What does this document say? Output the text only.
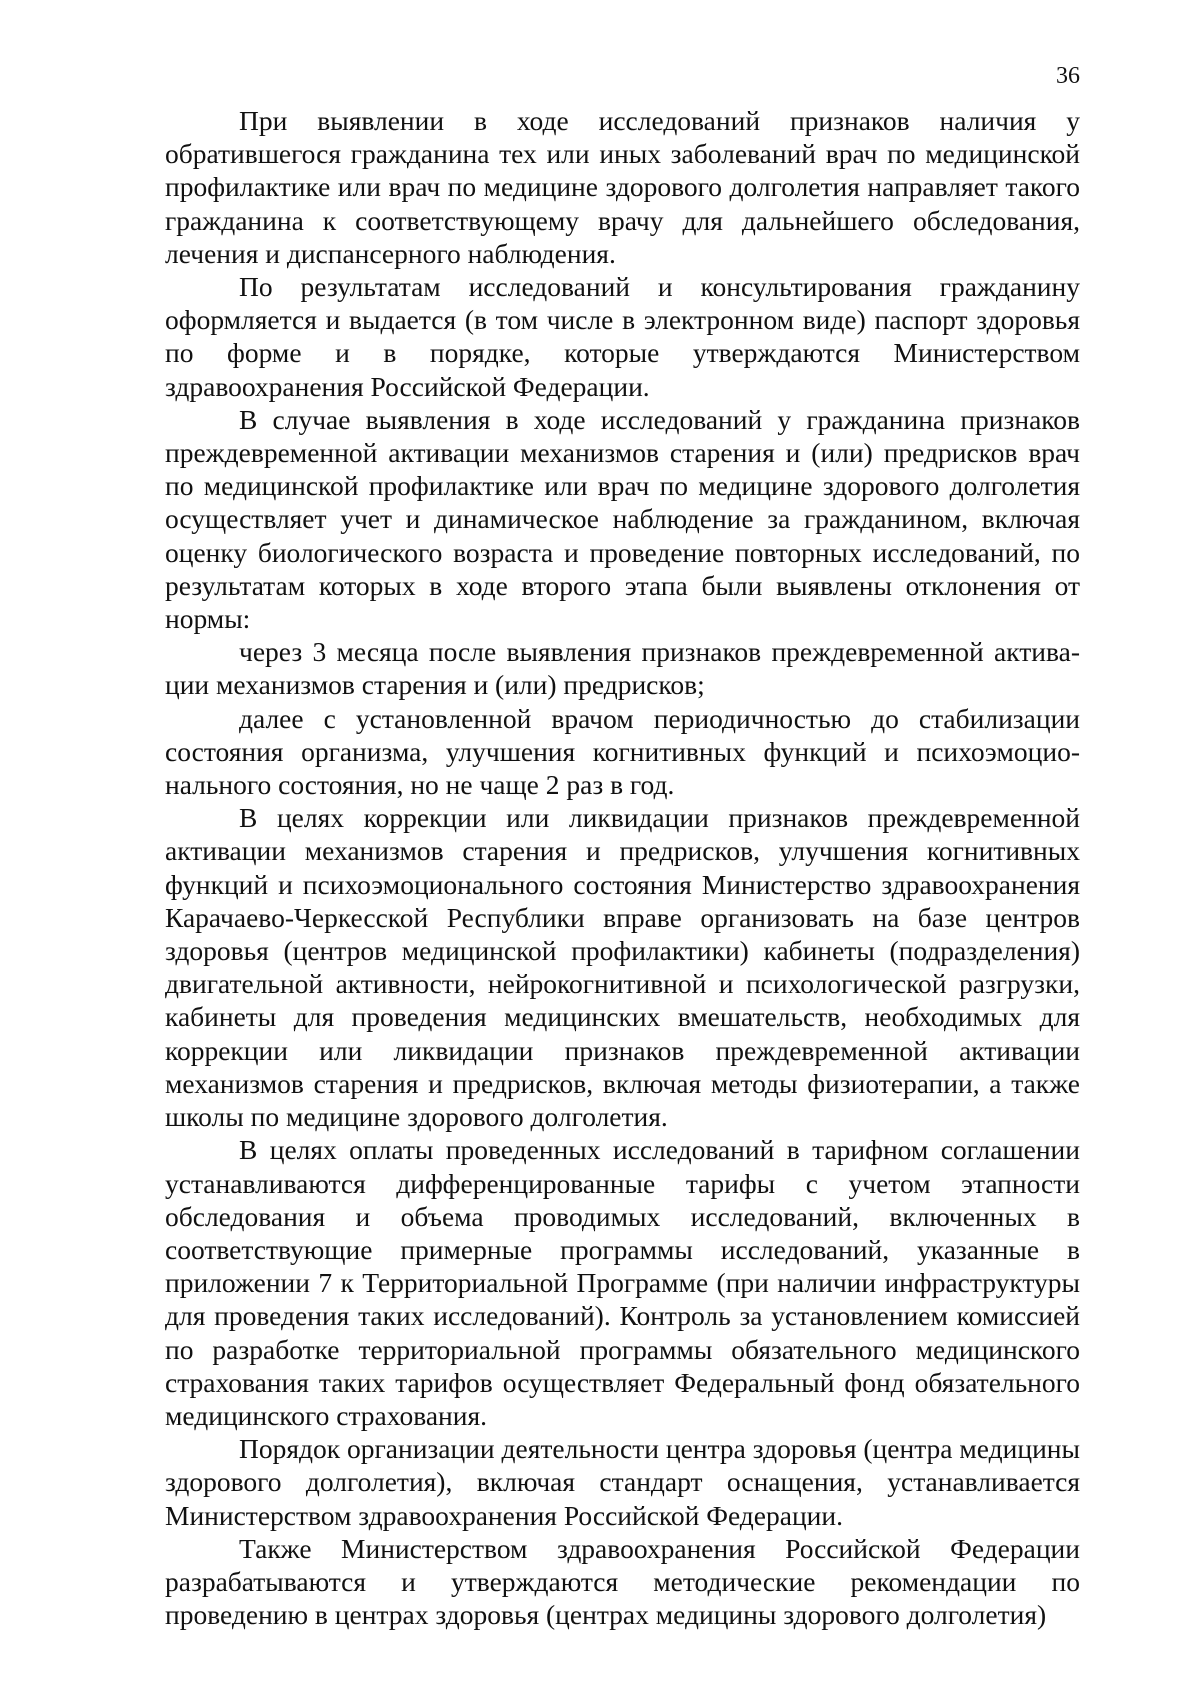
36

При выявлении в ходе исследований признаков наличия у обратившегося гражданина тех или иных заболеваний врач по медицинской профилактике или врач по медицине здорового долголетия направляет такого гражданина к соответствующему врачу для дальнейшего обследования, лечения и диспансерного наблюдения.

По результатам исследований и консультирования гражданину оформляется и выдается (в том числе в электронном виде) паспорт здоровья по форме и в порядке, которые утверждаются Министерством здравоохранения Российской Федерации.

В случае выявления в ходе исследований у гражданина признаков преждевременной активации механизмов старения и (или) предрисков врач по медицинской профилактике или врач по медицине здорового долголетия осуществляет учет и динамическое наблюдение за гражданином, включая оценку биологического возраста и проведение повторных исследований, по результатам которых в ходе второго этапа были выявлены отклонения от нормы:

через 3 месяца после выявления признаков преждевременной активации механизмов старения и (или) предрисков;

далее с установленной врачом периодичностью до стабилизации состояния организма, улучшения когнитивных функций и психоэмоционального состояния, но не чаще 2 раз в год.

В целях коррекции или ликвидации признаков преждевременной активации механизмов старения и предрисков, улучшения когнитивных функций и психоэмоционального состояния Министерство здравоохранения Карачаево-Черкесской Республики вправе организовать на базе центров здоровья (центров медицинской профилактики) кабинеты (подразделения) двигательной активности, нейрокогнитивной и психологической разгрузки, кабинеты для проведения медицинских вмешательств, необходимых для коррекции или ликвидации признаков преждевременной активации механизмов старения и предрисков, включая методы физиотерапии, а также школы по медицине здорового долголетия.

В целях оплаты проведенных исследований в тарифном соглашении устанавливаются дифференцированные тарифы с учетом этапности обследования и объема проводимых исследований, включенных в соответствующие примерные программы исследований, указанные в приложении 7 к Территориальной Программе (при наличии инфраструктуры для проведения таких исследований). Контроль за установлением комиссией по разработке территориальной программы обязательного медицинского страхования таких тарифов осуществляет Федеральный фонд обязательного медицинского страхования.

Порядок организации деятельности центра здоровья (центра медицины здорового долголетия), включая стандарт оснащения, устанавливается Министерством здравоохранения Российской Федерации.

Также Министерством здравоохранения Российской Федерации разрабатываются и утверждаются методические рекомендации по проведению в центрах здоровья (центрах медицины здорового долголетия)
